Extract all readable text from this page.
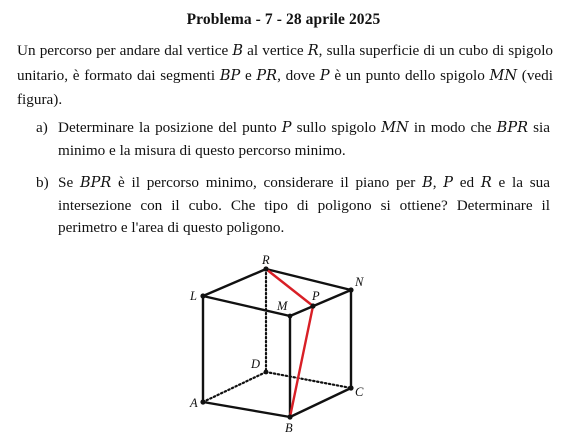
Problema - 7 - 28 aprile 2025
Un percorso per andare dal vertice B al vertice R, sulla superficie di un cubo di spigolo unitario, è formato dai segmenti BP e PR, dove P è un punto dello spigolo MN (vedi figura).
a) Determinare la posizione del punto P sullo spigolo MN in modo che BPR sia minimo e la misura di questo percorso minimo.
b) Se BPR è il percorso minimo, considerare il piano per B, P ed R e la sua intersezione con il cubo. Che tipo di poligono si ottiene? Determinare il perimetro e l'area di questo poligono.
R
N
L	P
M
D
C
A
B
